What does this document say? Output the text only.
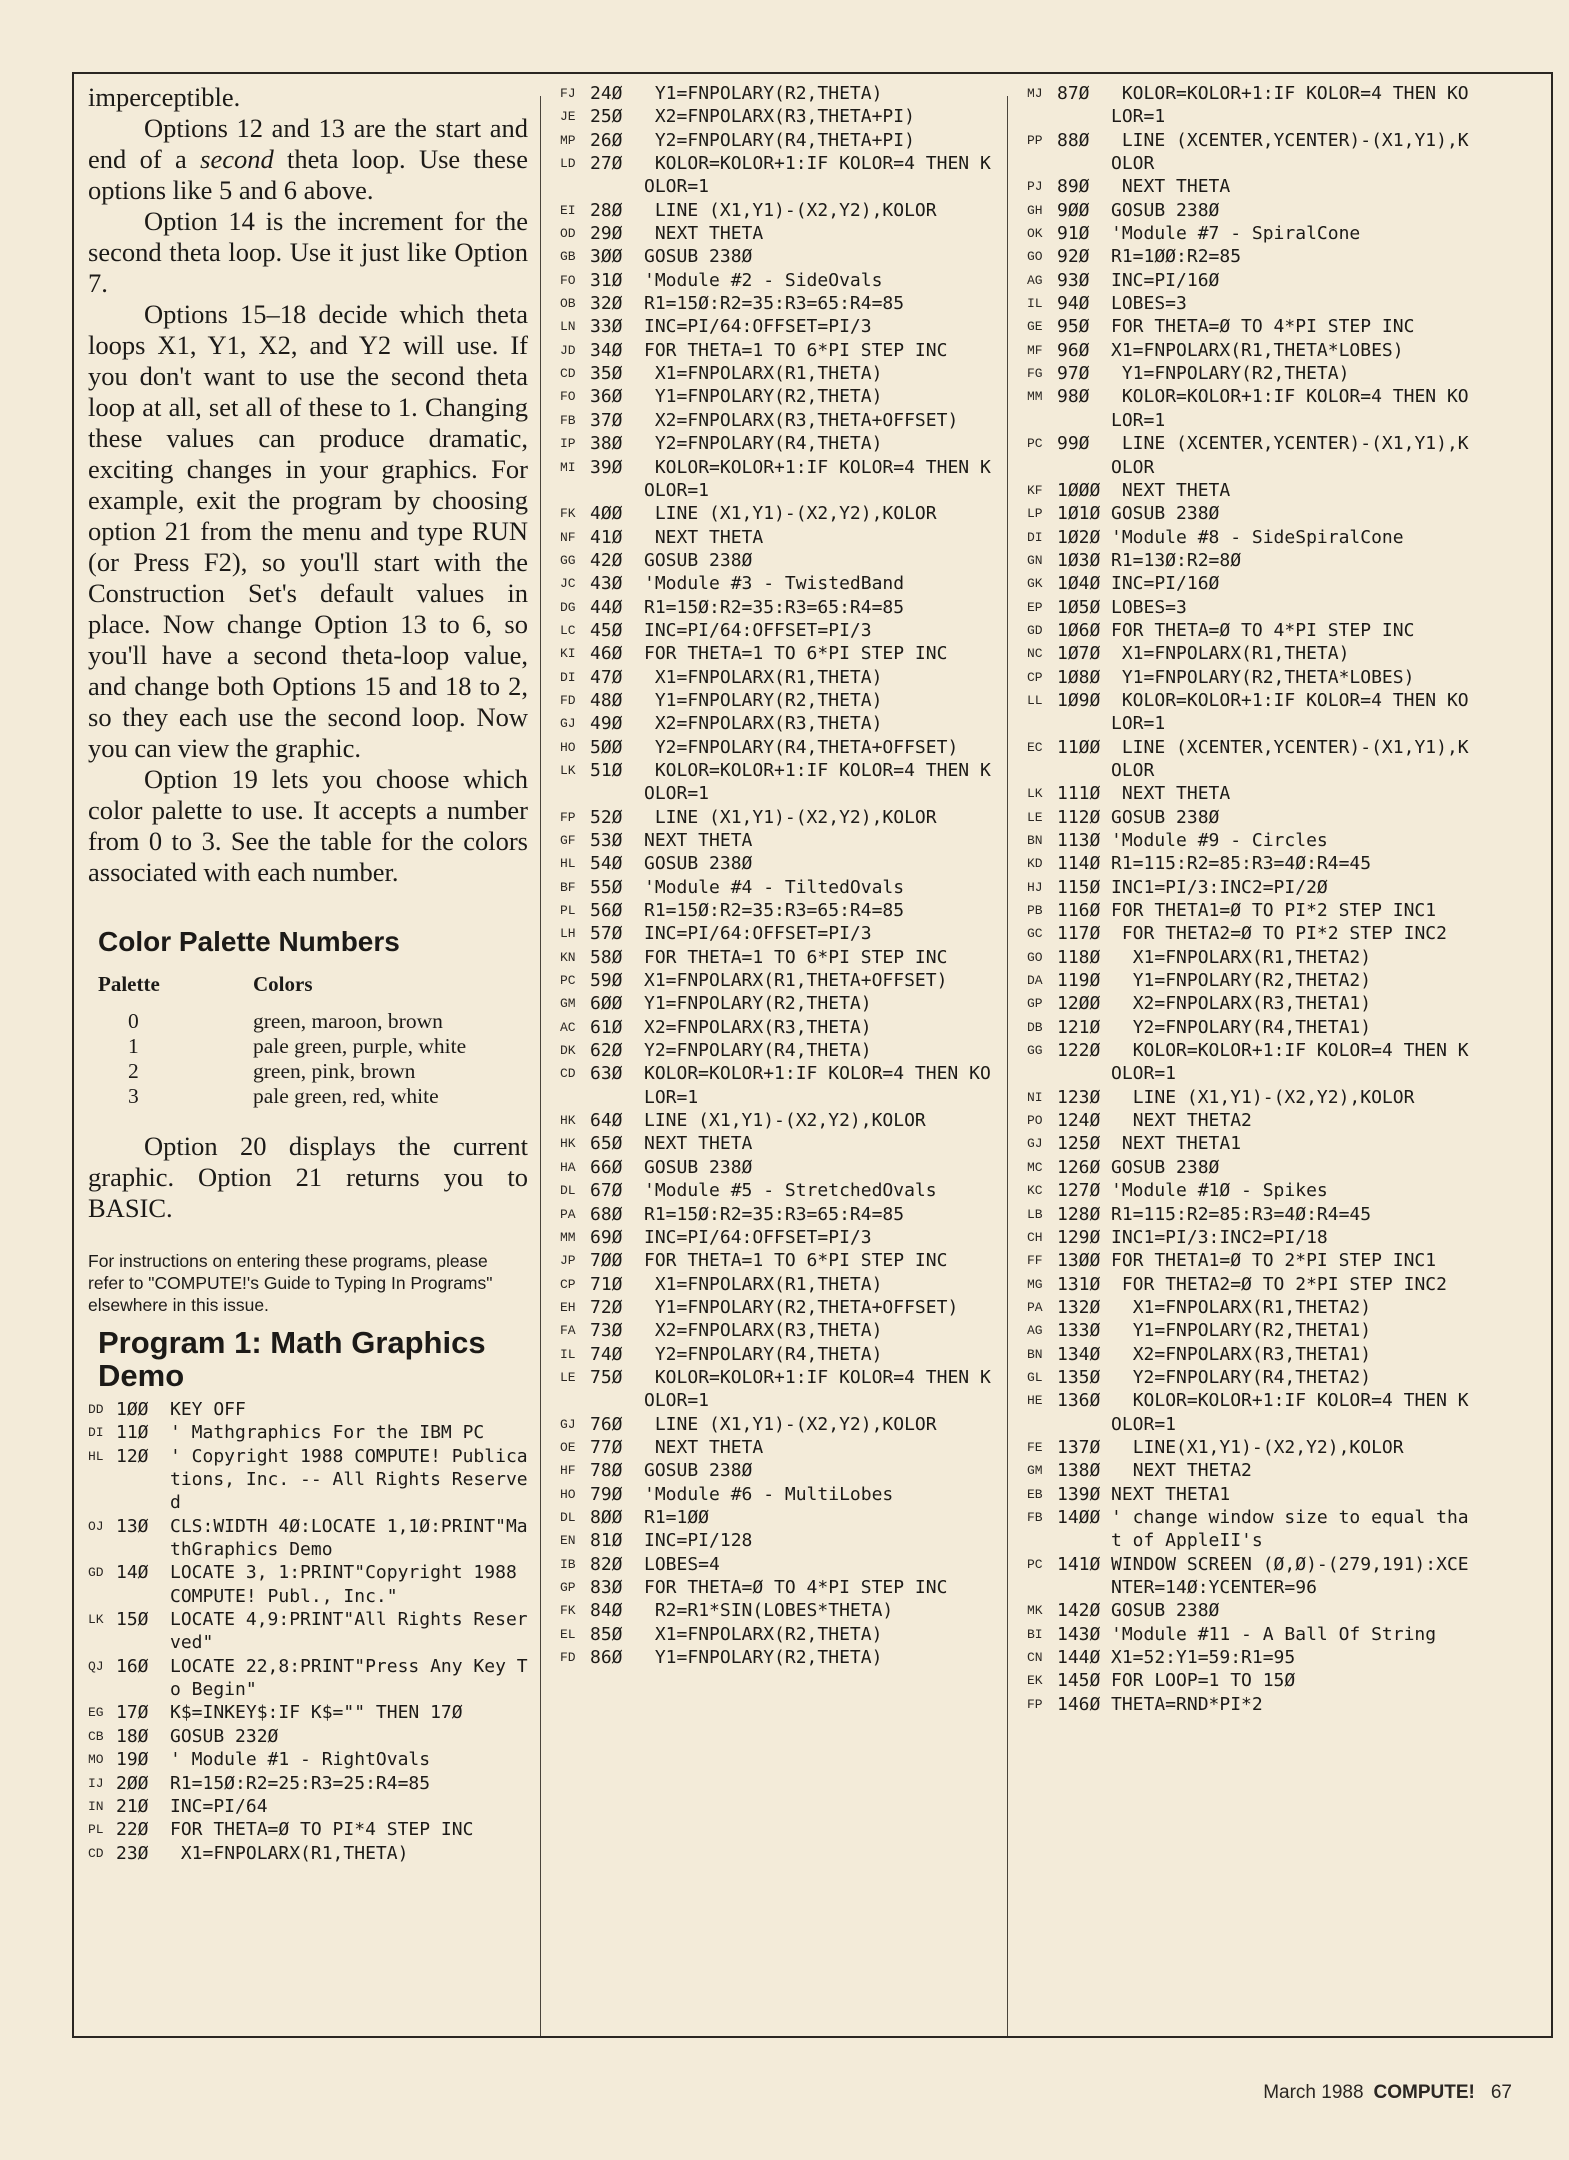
imperceptible.

Options 12 and 13 are the start and end of a second theta loop. Use these options like 5 and 6 above.

Option 14 is the increment for the second theta loop. Use it just like Option 7.

Options 15–18 decide which theta loops X1, Y1, X2, and Y2 will use. If you don't want to use the second theta loop at all, set all of these to 1. Changing these values can produce dramatic, exciting changes in your graphics. For example, exit the program by choosing option 21 from the menu and type RUN (or Press F2), so you'll start with the Construction Set's default values in place. Now change Option 13 to 6, so you'll have a second theta-loop value, and change both Options 15 and 18 to 2, so they each use the second loop. Now you can view the graphic.

Option 19 lets you choose which color palette to use. It accepts a number from 0 to 3. See the table for the colors associated with each number.

Color Palette Numbers
Palette	Colors
0	green, maroon, brown
1	pale green, purple, white
2	green, pink, brown
3	pale green, red, white

Option 20 displays the current graphic. Option 21 returns you to BASIC.

For instructions on entering these programs, please refer to "COMPUTE!'s Guide to Typing In Programs" elsewhere in this issue.
Program 1: Math Graphics Demo
DD 1ØØ	KEY OFF
DI 11Ø	' Mathgraphics For the IBM PC
HL 12Ø	' Copyright 1988 COMPUTE! Publications, Inc. -- All Rights Reserved
OJ 13Ø	CLS:WIDTH 4Ø:LOCATE 1,1Ø:PRINT"MathGraphics Demo
GD 14Ø	LOCATE 3, 1:PRINT"Copyright 1988 COMPUTE! Publ., Inc."
LK 15Ø	LOCATE 4,9:PRINT"All Rights Reserved"
QJ 16Ø	LOCATE 22,8:PRINT"Press Any Key To Begin"
EG 17Ø	K$=INKEY$:IF K$="" THEN 17Ø
CB 18Ø	GOSUB 232Ø
MO 19Ø	' Module #1 - RightOvals
IJ 2ØØ	R1=15Ø:R2=25:R3=25:R4=85
IN 21Ø	INC=PI/64
PL 22Ø	FOR THETA=Ø TO PI*4 STEP INC
CD 23Ø	X1=FNPOLARX(R1,THETA)
FJ 24Ø	Y1=FNPOLARY(R2,THETA)
JE 25Ø	X2=FNPOLARX(R3,THETA+PI)
MP 26Ø	Y2=FNPOLARY(R4,THETA+PI)
LD 27Ø	KOLOR=KOLOR+1:IF KOLOR=4 THEN KOLOR=1
EI 28Ø	LINE (X1,Y1)-(X2,Y2),KOLOR
OD 29Ø	NEXT THETA
GB 3ØØ	GOSUB 238Ø
FO 31Ø	'Module #2 - SideOvals
OB 32Ø	R1=15Ø:R2=35:R3=65:R4=85
LN 33Ø	INC=PI/64:OFFSET=PI/3
JD 34Ø	FOR THETA=1 TO 6*PI STEP INC
CD 35Ø	X1=FNPOLARX(R1,THETA)
FO 36Ø	Y1=FNPOLARY(R2,THETA)
FB 37Ø	X2=FNPOLARX(R3,THETA+OFFSET)
IP 38Ø	Y2=FNPOLARY(R4,THETA)
MI 39Ø	KOLOR=KOLOR+1:IF KOLOR=4 THEN KOLOR=1
FK 4ØØ	LINE (X1,Y1)-(X2,Y2),KOLOR
NF 41Ø	NEXT THETA
GG 42Ø	GOSUB 238Ø
JC 43Ø	'Module #3 - TwistedBand
DG 44Ø	R1=15Ø:R2=35:R3=65:R4=85
LC 45Ø	INC=PI/64:OFFSET=PI/3
KI 46Ø	FOR THETA=1 TO 6*PI STEP INC
DI 47Ø	X1=FNPOLARX(R1,THETA)
FD 48Ø	Y1=FNPOLARY(R2,THETA)
GJ 49Ø	X2=FNPOLARX(R3,THETA)
HO 5ØØ	Y2=FNPOLARY(R4,THETA+OFFSET)
LK 51Ø	KOLOR=KOLOR+1:IF KOLOR=4 THEN KOLOR=1
FP 52Ø	LINE (X1,Y1)-(X2,Y2),KOLOR
GF 53Ø	NEXT THETA
HL 54Ø	GOSUB 238Ø
BF 55Ø	'Module #4 - TiltedOvals
PL 56Ø	R1=15Ø:R2=35:R3=65:R4=85
LH 57Ø	INC=PI/64:OFFSET=PI/3
KN 58Ø	FOR THETA=1 TO 6*PI STEP INC
PC 59Ø	X1=FNPOLARX(R1,THETA+OFFSET)
GM 6ØØ	Y1=FNPOLARY(R2,THETA)
AC 61Ø	X2=FNPOLARX(R3,THETA)
DK 62Ø	Y2=FNPOLARY(R4,THETA)
CD 63Ø	KOLOR=KOLOR+1:IF KOLOR=4 THEN KOLOR=1
HK 64Ø	LINE (X1,Y1)-(X2,Y2),KOLOR
HK 65Ø	NEXT THETA
HA 66Ø	GOSUB 238Ø
DL 67Ø	'Module #5 - StretchedOvals
PA 68Ø	R1=15Ø:R2=35:R3=65:R4=85
MM 69Ø	INC=PI/64:OFFSET=PI/3
JP 7ØØ	FOR THETA=1 TO 6*PI STEP INC
CP 71Ø	X1=FNPOLARX(R1,THETA)
EH 72Ø	Y1=FNPOLARY(R2,THETA+OFFSET)
FA 73Ø	X2=FNPOLARX(R3,THETA)
IL 74Ø	Y2=FNPOLARY(R4,THETA)
LE 75Ø	KOLOR=KOLOR+1:IF KOLOR=4 THEN KOLOR=1
GJ 76Ø	LINE (X1,Y1)-(X2,Y2),KOLOR
OE 77Ø	NEXT THETA
HF 78Ø	GOSUB 238Ø
HO 79Ø	'Module #6 - MultiLobes
DL 8ØØ	R1=1ØØ
EN 81Ø	INC=PI/128
IB 82Ø	LOBES=4
GP 83Ø	FOR THETA=Ø TO 4*PI STEP INC
FK 84Ø	R2=R1*SIN(LOBES*THETA)
EL 85Ø	X1=FNPOLARX(R2,THETA)
FD 86Ø	Y1=FNPOLARY(R2,THETA)
MJ 87Ø	KOLOR=KOLOR+1:IF KOLOR=4 THEN KOLOR=1
PP 88Ø	LINE (XCENTER,YCENTER)-(X1,Y1),KOLOR
PJ 89Ø	NEXT THETA
GH 9ØØ	GOSUB 238Ø
OK 91Ø	'Module #7 - SpiralCone
GO 92Ø	R1=1ØØ:R2=85
AG 93Ø	INC=PI/16Ø
IL 94Ø	LOBES=3
GE 95Ø	FOR THETA=Ø TO 4*PI STEP INC
MF 96Ø	X1=FNPOLARX(R1,THETA*LOBES)
FG 97Ø	Y1=FNPOLARY(R2,THETA)
MM 98Ø	KOLOR=KOLOR+1:IF KOLOR=4 THEN KOLOR=1
PC 99Ø	LINE (XCENTER,YCENTER)-(X1,Y1),KOLOR
KF 1ØØØ NEXT THETA
LP 1Ø1Ø GOSUB 238Ø
DI 1Ø2Ø 'Module #8 - SideSpiralCone
GN 1Ø3Ø R1=13Ø:R2=8Ø
GK 1Ø4Ø INC=PI/16Ø
EP 1Ø5Ø LOBES=3
GD 1Ø6Ø FOR THETA=Ø TO 4*PI STEP INC
NC 1Ø7Ø X1=FNPOLARX(R1,THETA)
CP 1Ø8Ø Y1=FNPOLARY(R2,THETA*LOBES)
LL 1Ø9Ø KOLOR=KOLOR+1:IF KOLOR=4 THEN KOLOR=1
EC 11ØØ LINE (XCENTER,YCENTER)-(X1,Y1),KOLOR
LK 111Ø NEXT THETA
LE 112Ø GOSUB 238Ø
BN 113Ø 'Module #9 - Circles
KD 114Ø R1=115:R2=85:R3=4Ø:R4=45
HJ 115Ø INC1=PI/3:INC2=PI/2Ø
PB 116Ø FOR THETA1=Ø TO PI*2 STEP INC1
GC 117Ø FOR THETA2=Ø TO PI*2 STEP INC2
GO 118Ø X1=FNPOLARX(R1,THETA2)
DA 119Ø Y1=FNPOLARY(R2,THETA2)
GP 12ØØ X2=FNPOLARX(R3,THETA1)
DB 121Ø Y2=FNPOLARY(R4,THETA1)
GG 122Ø KOLOR=KOLOR+1:IF KOLOR=4 THEN KOLOR=1
NI 123Ø LINE (X1,Y1)-(X2,Y2),KOLOR
PO 124Ø NEXT THETA2
GJ 125Ø NEXT THETA1
MC 126Ø GOSUB 238Ø
KC 127Ø 'Module #1Ø - Spikes
LB 128Ø R1=115:R2=85:R3=4Ø:R4=45
CH 129Ø INC1=PI/3:INC2=PI/18
FF 13ØØ FOR THETA1=Ø TO 2*PI STEP INC1
MG 131Ø FOR THETA2=Ø TO 2*PI STEP INC2
PA 132Ø X1=FNPOLARX(R1,THETA2)
AG 133Ø Y1=FNPOLARY(R2,THETA1)
BN 134Ø X2=FNPOLARX(R3,THETA1)
GL 135Ø Y2=FNPOLARY(R4,THETA2)
HE 136Ø KOLOR=KOLOR+1:IF KOLOR=4 THEN KOLOR=1
FE 137Ø LINE(X1,Y1)-(X2,Y2),KOLOR
GM 138Ø NEXT THETA2
EB 139Ø NEXT THETA1
FB 14ØØ ' change window size to equal that of AppleII's
PC 141Ø WINDOW SCREEN (Ø,Ø)-(279,191):XCENTER=14Ø:YCENTER=96
MK 142Ø GOSUB 238Ø
BI 143Ø 'Module #11 - A Ball Of String
CN 144Ø X1=52:Y1=59:R1=95
EK 145Ø FOR LOOP=1 TO 15Ø
FP 146Ø THETA=RND*PI*2
March 1988 COMPUTE! 67
